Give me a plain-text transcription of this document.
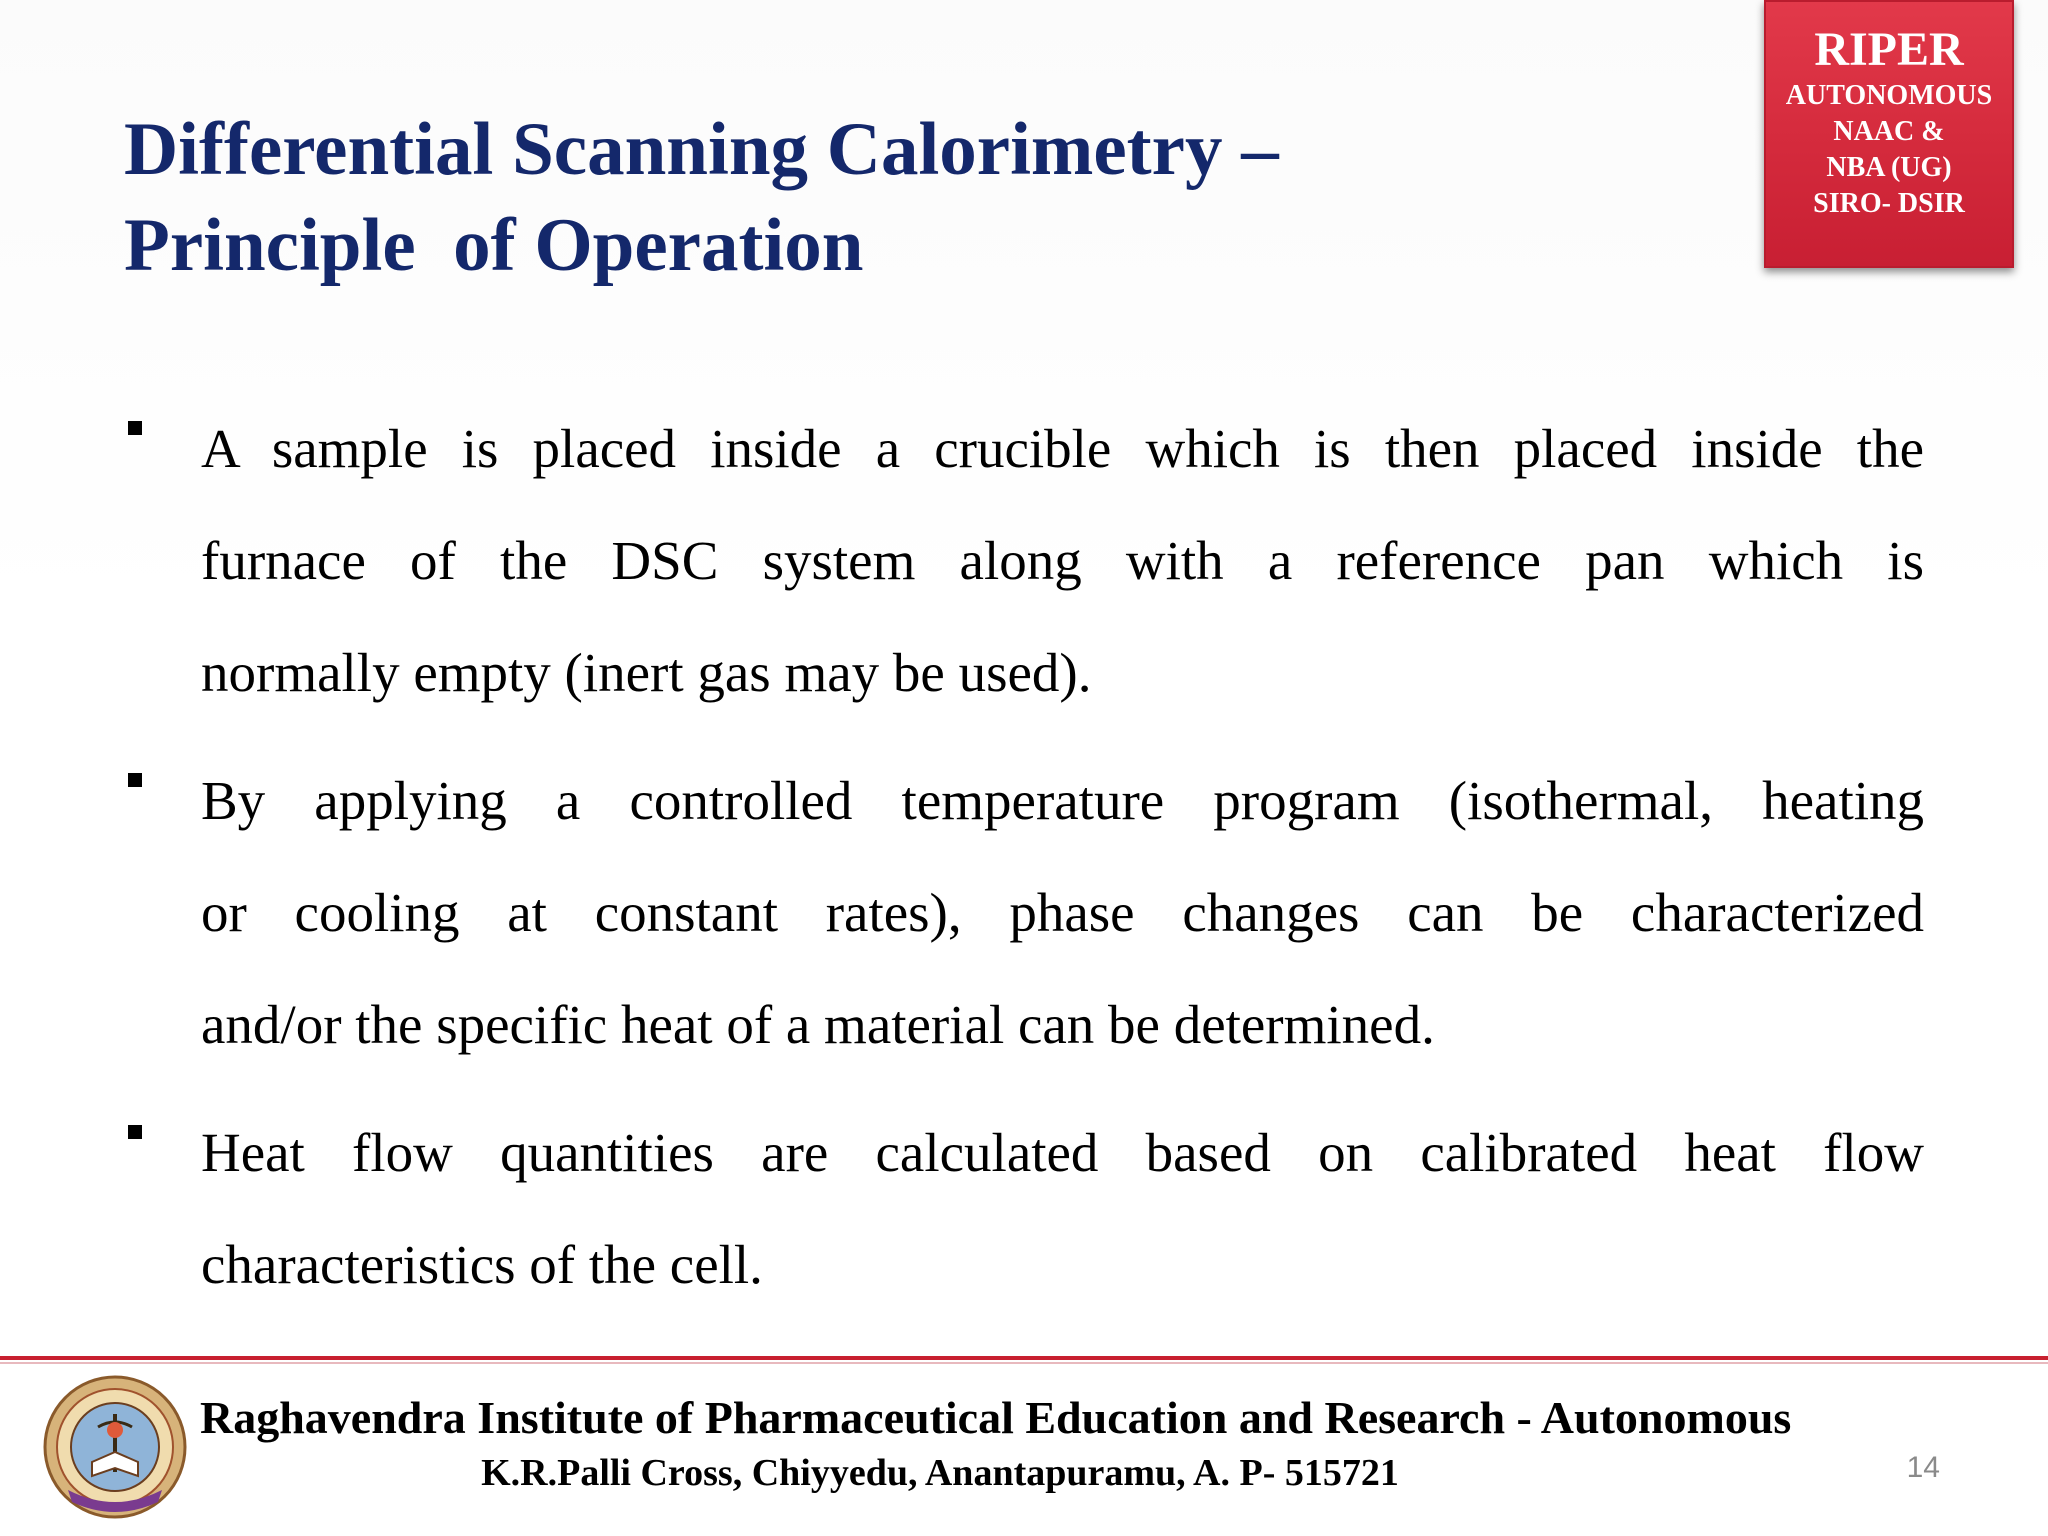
Differential Scanning Calorimetry –
Principle  of Operation
RIPER
AUTONOMOUS
NAAC &
NBA (UG)
SIRO- DSIR
A sample is placed inside a crucible which is then placed inside the
furnace of the DSC system along with a reference pan which is
normally empty (inert gas may be used).
By applying a controlled temperature program (isothermal, heating
or cooling at constant rates), phase changes can be characterized
and/or the specific heat of a material can be determined.
Heat flow quantities are calculated based on calibrated heat flow
characteristics of the cell.
Raghavendra Institute of Pharmaceutical Education and Research - Autonomous
K.R.Palli Cross, Chiyyedu, Anantapuramu, A. P- 515721	14
